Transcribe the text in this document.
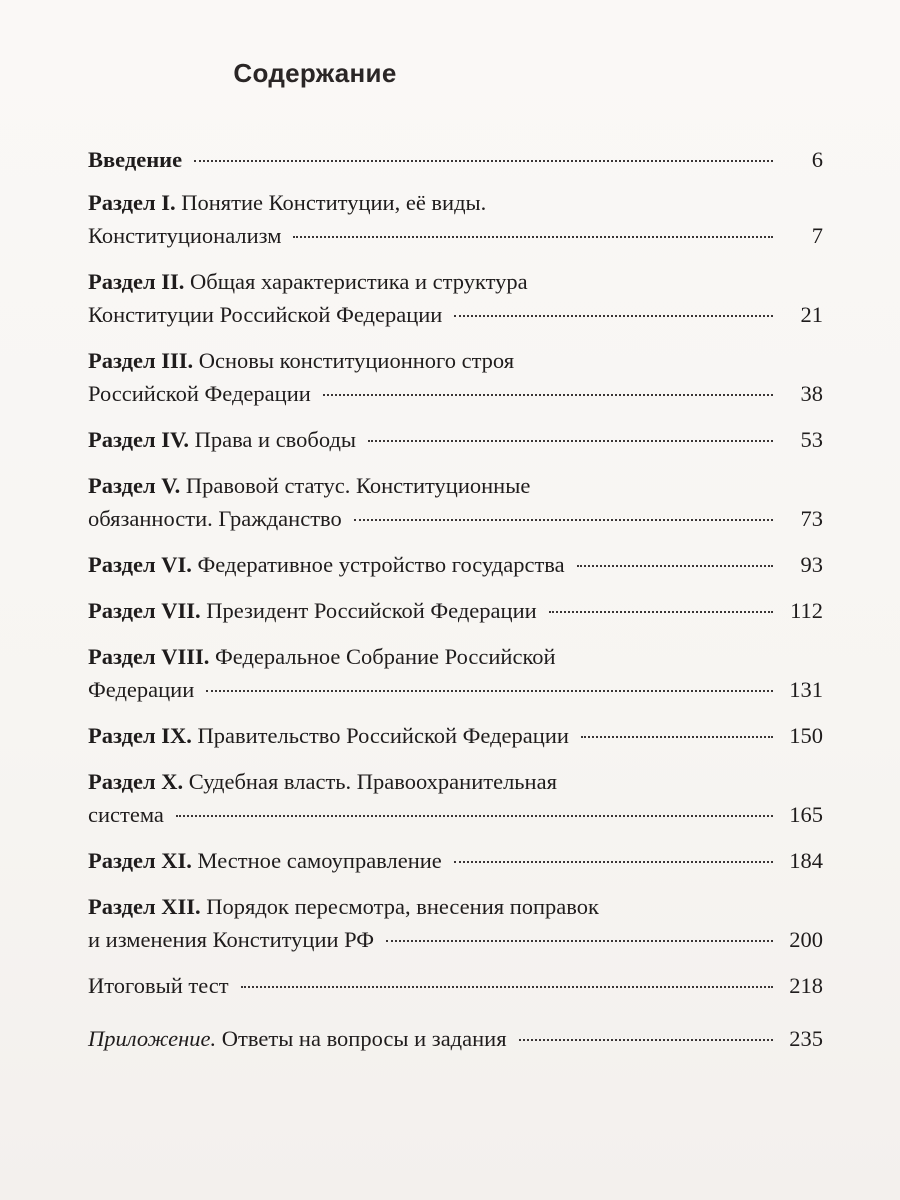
Содержание
Введение	6
Раздел I. Понятие Конституции, её виды.
Конституционализм	7
Раздел II. Общая характеристика и структура
Конституции Российской Федерации	21
Раздел III. Основы конституционного строя
Российской Федерации	38
Раздел IV. Права и свободы	53
Раздел V. Правовой статус. Конституционные
обязанности. Гражданство	73
Раздел VI. Федеративное устройство государства	93
Раздел VII. Президент Российской Федерации	112
Раздел VIII. Федеральное Собрание Российской
Федерации	131
Раздел IX. Правительство Российской Федерации	150
Раздел X. Судебная власть. Правоохранительная
система	165
Раздел XI. Местное самоуправление	184
Раздел XII. Порядок пересмотра, внесения поправок
и изменения Конституции РФ	200
Итоговый тест	218
Приложение. Ответы на вопросы и задания	235
